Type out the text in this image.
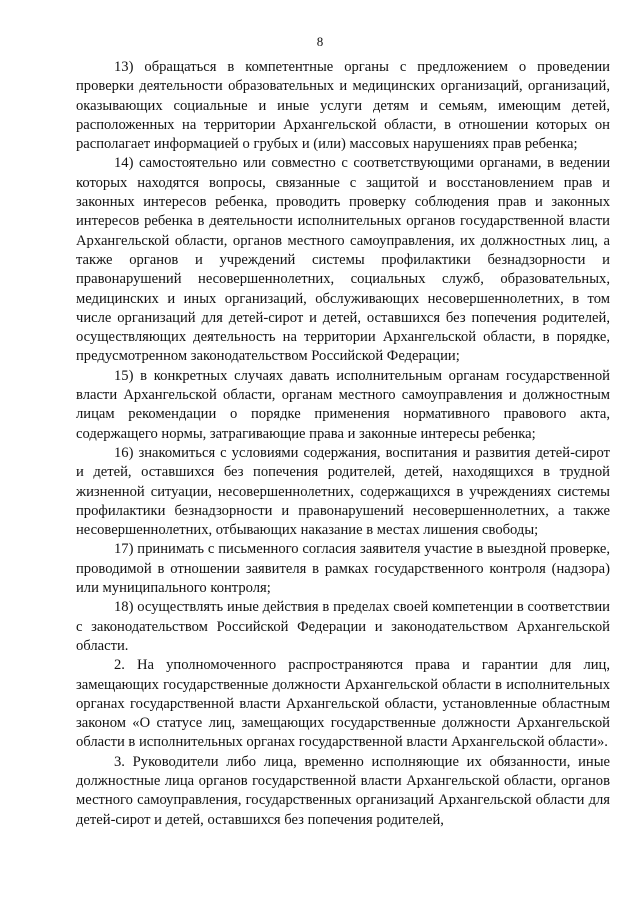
8

13) обращаться в компетентные органы с предложением о проведении проверки деятельности образовательных и медицинских организаций, организаций, оказывающих социальные и иные услуги детям и семьям, имеющим детей, расположенных на территории Архангельской области, в отношении которых он располагает информацией о грубых и (или) массовых нарушениях прав ребенка;

14) самостоятельно или совместно с соответствующими органами, в ведении которых находятся вопросы, связанные с защитой и восстановлением прав и законных интересов ребенка, проводить проверку соблюдения прав и законных интересов ребенка в деятельности исполнительных органов государственной власти Архангельской области, органов местного самоуправления, их должностных лиц, а также органов и учреждений системы профилактики безнадзорности и правонарушений несовершеннолетних, социальных служб, образовательных, медицинских и иных организаций, обслуживающих несовершеннолетних, в том числе организаций для детей-сирот и детей, оставшихся без попечения родителей, осуществляющих деятельность на территории Архангельской области, в порядке, предусмотренном законодательством Российской Федерации;

15) в конкретных случаях давать исполнительным органам государственной власти Архангельской области, органам местного самоуправления и должностным лицам рекомендации о порядке применения нормативного правового акта, содержащего нормы, затрагивающие права и законные интересы ребенка;

16) знакомиться с условиями содержания, воспитания и развития детей-сирот и детей, оставшихся без попечения родителей, детей, находящихся в трудной жизненной ситуации, несовершеннолетних, содержащихся в учреждениях системы профилактики безнадзорности и правонарушений несовершеннолетних, а также несовершеннолетних, отбывающих наказание в местах лишения свободы;

17) принимать с письменного согласия заявителя участие в выездной проверке, проводимой в отношении заявителя в рамках государственного контроля (надзора) или муниципального контроля;

18) осуществлять иные действия в пределах своей компетенции в соответствии с законодательством Российской Федерации и законодательством Архангельской области.

2. На уполномоченного распространяются права и гарантии для лиц, замещающих государственные должности Архангельской области в исполнительных органах государственной власти Архангельской области, установленные областным законом «О статусе лиц, замещающих государственные должности Архангельской области в исполнительных органах государственной власти Архангельской области».

3. Руководители либо лица, временно исполняющие их обязанности, иные должностные лица органов государственной власти Архангельской области, органов местного самоуправления, государственных организаций Архангельской области для детей-сирот и детей, оставшихся без попечения родителей,
